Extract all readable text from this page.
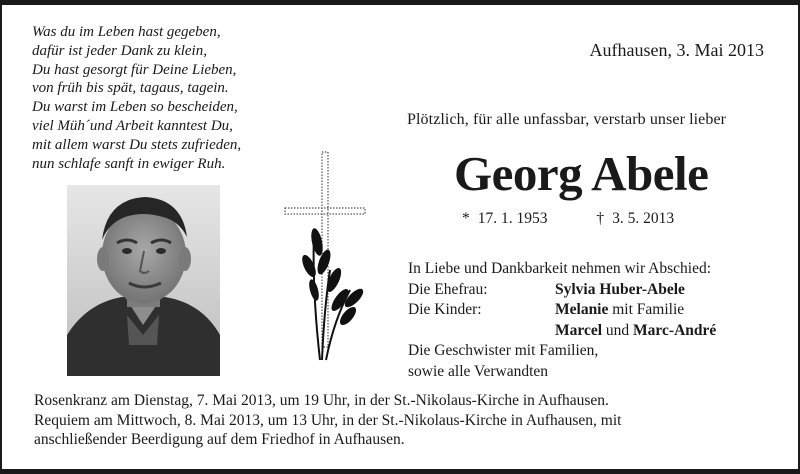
Was du im Leben hast gegeben,
dafür ist jeder Dank zu klein,
Du hast gesorgt für Deine Lieben,
von früh bis spät, tagaus, tagein.
Du warst im Leben so bescheiden,
viel Müh´und Arbeit kanntest Du,
mit allem warst Du stets zufrieden,
nun schlafe sanft in ewiger Ruh.
Aufhausen, 3. Mai 2013
Plötzlich, für alle unfassbar, verstarb unser lieber
Georg Abele
* 17. 1. 1953	† 3. 5. 2013
In Liebe und Dankbarkeit nehmen wir Abschied:
Die Ehefrau:	Sylvia Huber-Abele
Die Kinder:	Melanie mit Familie
Marcel und Marc-André
Die Geschwister mit Familien,
sowie alle Verwandten
Rosenkranz am Dienstag, 7. Mai 2013, um 19 Uhr, in der St.-Nikolaus-Kirche in Aufhausen.
Requiem am Mittwoch, 8. Mai 2013, um 13 Uhr, in der St.-Nikolaus-Kirche in Aufhausen, mit
anschließender Beerdigung auf dem Friedhof in Aufhausen.
